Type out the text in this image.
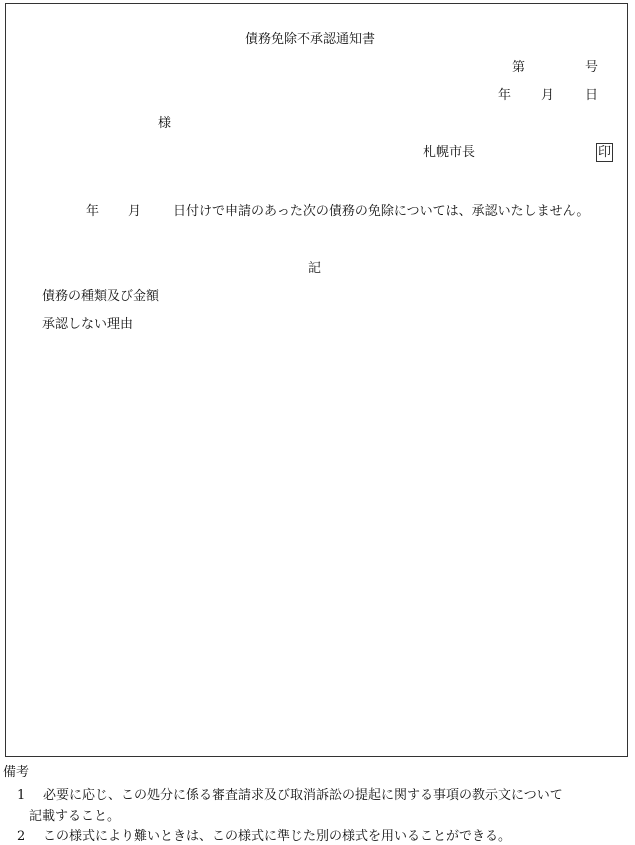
債務免除不承認通知書
第	号
年 月 日
様
札幌市長	印
年 月 日付けで申請のあった次の債務の免除については、承認いたしません。
記
債務の種類及び金額
承認しない理由
備考
1 必要に応じ、この処分に係る審査請求及び取消訴訟の提起に関する事項の教示文について
記載すること。
2 この様式により難いときは、この様式に準じた別の様式を用いることができる。
